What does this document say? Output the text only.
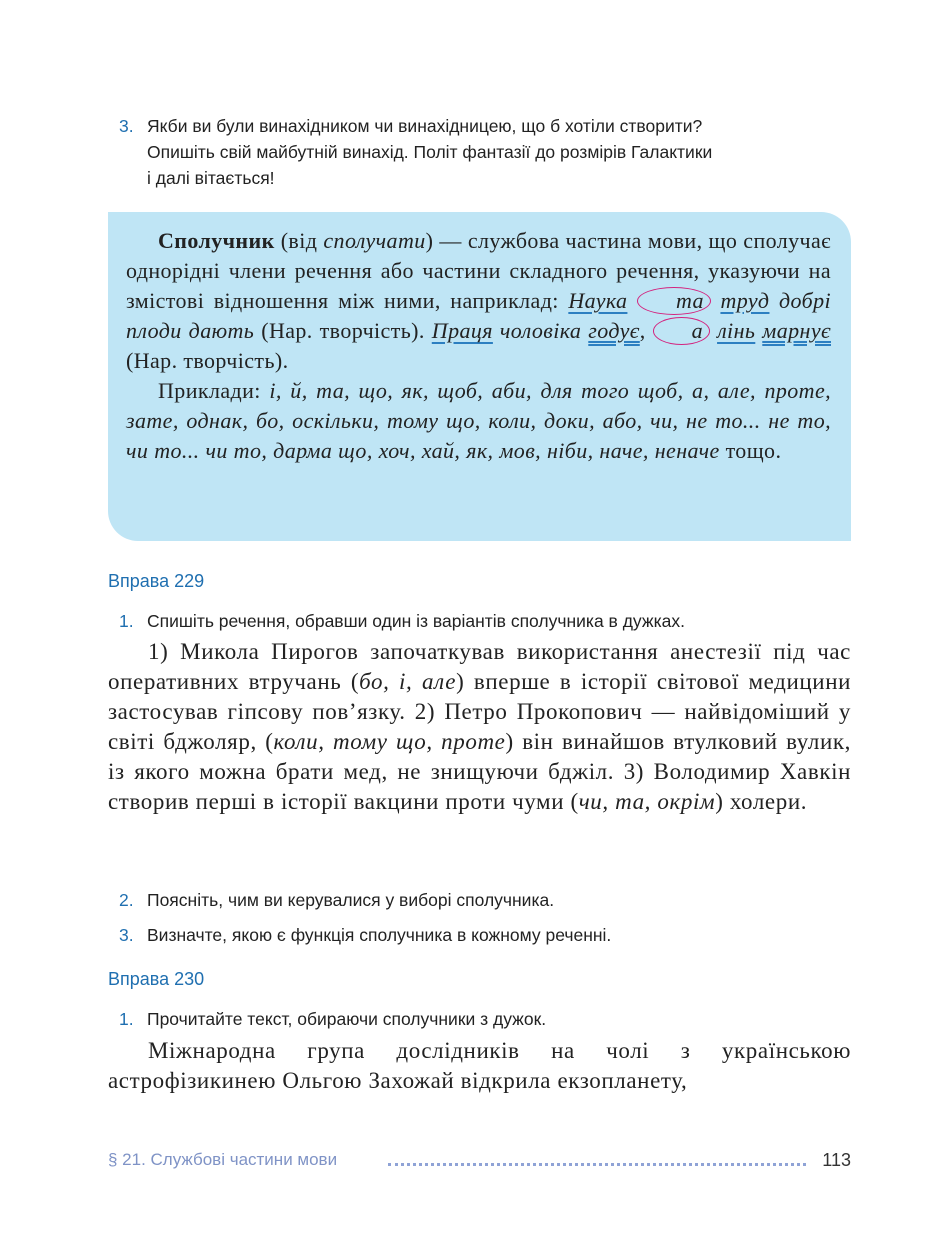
3. Якби ви були винахідником чи винахідницею, що б хотіли створити?
Опишіть свій майбутній винахід. Політ фантазії до розмірів Галактики
і далі вітається!

Сполучник (від сполучати) — службова частина мови, що сполучає однорідні члени речення або частини складного речення, указуючи на змістові відношення між ними, наприклад: Наука та труд добрі плоди дають (Нар. творчість). Праця чоловіка годує, а лінь марнує (Нар. творчість).

Приклади: і, й, та, що, як, щоб, аби, для того щоб, а, але, проте, зате, однак, бо, оскільки, тому що, коли, доки, або, чи, не то... не то, чи то... чи то, дарма що, хоч, хай, як, мов, ніби, наче, неначе тощо.

Вправа 229
1. Спишіть речення, обравши один із варіантів сполучника в дужках.

1) Микола Пирогов започаткував використання анестезії під час оперативних втручань (бо, і, але) вперше в історії світової медицини застосував гіпсову пов’язку. 2) Петро Прокопович — найвідоміший у світі бджоляр, (коли, тому що, проте) він винайшов втулковий вулик, із якого можна брати мед, не знищуючи бджіл. 3) Володимир Хавкін створив перші в історії вакцини проти чуми (чи, та, окрім) холери.

2. Поясніть, чим ви керувалися у виборі сполучника.
3. Визначте, якою є функція сполучника в кожному реченні.
Вправа 230
1. Прочитайте текст, обираючи сполучники з дужок.

Міжнародна група дослідників на чолі з українською астрофізикинею Ольгою Захожай відкрила екзопланету,

§ 21. Службові частини мови	113
